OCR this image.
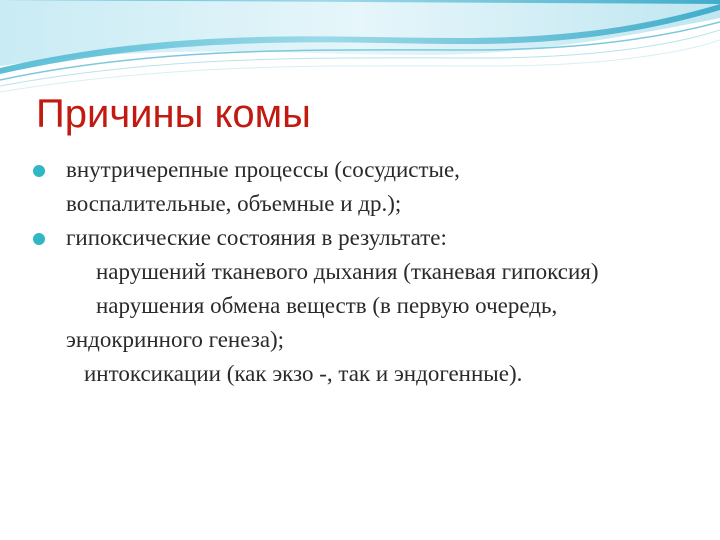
Причины комы
внутричерепные процессы (сосудистые,
воспалительные, объемные и др.);
гипоксические состояния в результате:
нарушений тканевого дыхания (тканевая гипоксия)
нарушения обмена веществ (в первую очередь, эндокринного генеза);
интоксикации (как экзо -, так и эндогенные).
